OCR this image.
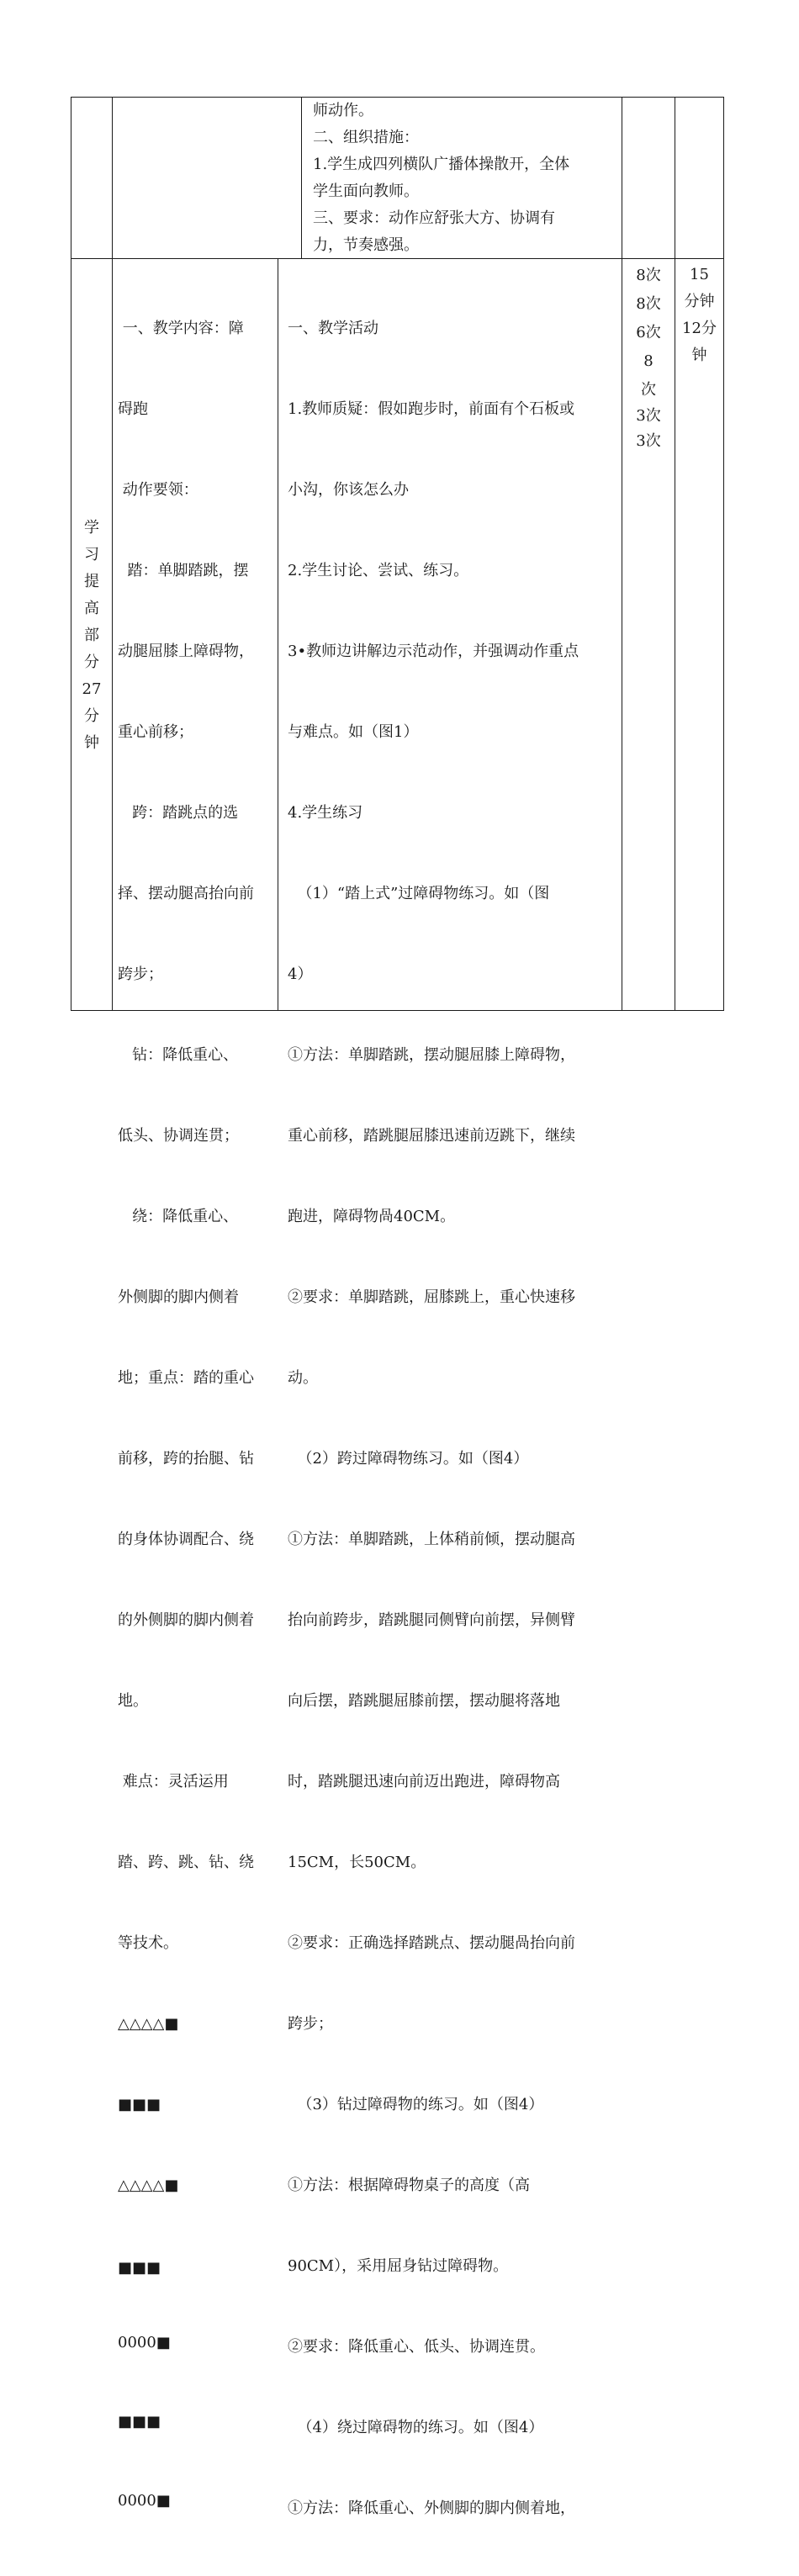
师动作。

二、组织措施：

1.学生成四列横队广播体操散开，全体

学生面向教师。

三、要求：动作应舒张大方、协调有

力，节奏感强。

学
习
提
高
部
分
27
分
钟

一、教学内容：障

碍跑

动作要领：

踏：单脚踏跳，摆

动腿屈膝上障碍物，

重心前移；

跨：踏跳点的选

择、摆动腿高抬向前

跨步；

钻：降低重心、

低头、协调连贯；

绕：降低重心、

外侧脚的脚内侧着

地；重点：踏的重心

前移，跨的抬腿、钻

的身体协调配合、绕

的外侧脚的脚内侧着

地。

难点：灵活运用

踏、跨、跳、钻、绕

等技术。

△△△△■

■■■

△△△△■

■■■

0000■

■■■

0000■

一、教学活动

1.教师质疑：假如跑步时，前面有个石板或

小沟，你该怎么办

2.学生讨论、尝试、练习。

3•教师边讲解边示范动作，并强调动作重点

与难点。如（图1）

4.学生练习

（1）“踏上式”过障碍物练习。如（图

4）

①方法：单脚踏跳，摆动腿屈膝上障碍物，

重心前移，踏跳腿屈膝迅速前迈跳下，继续

跑进，障碍物咼40CM。

②要求：单脚踏跳，屈膝跳上，重心快速移

动。

（2）跨过障碍物练习。如（图4）

①方法：单脚踏跳，上体稍前倾，摆动腿高

抬向前跨步，踏跳腿同侧臂向前摆，异侧臂

向后摆，踏跳腿屈膝前摆，摆动腿将落地

时，踏跳腿迅速向前迈出跑进，障碍物高

15CM，长50CM。

②要求：正确选择踏跳点、摆动腿咼抬向前

跨步；

（3）钻过障碍物的练习。如（图4）

①方法：根据障碍物桌子的高度（高

90CM），采用屈身钻过障碍物。

②要求：降低重心、低头、协调连贯。

（4）绕过障碍物的练习。如（图4）

①方法：降低重心、外侧脚的脚内侧着地，

8次

8次

6次

8

次

3次

3次

15

分钟

12分

钟
